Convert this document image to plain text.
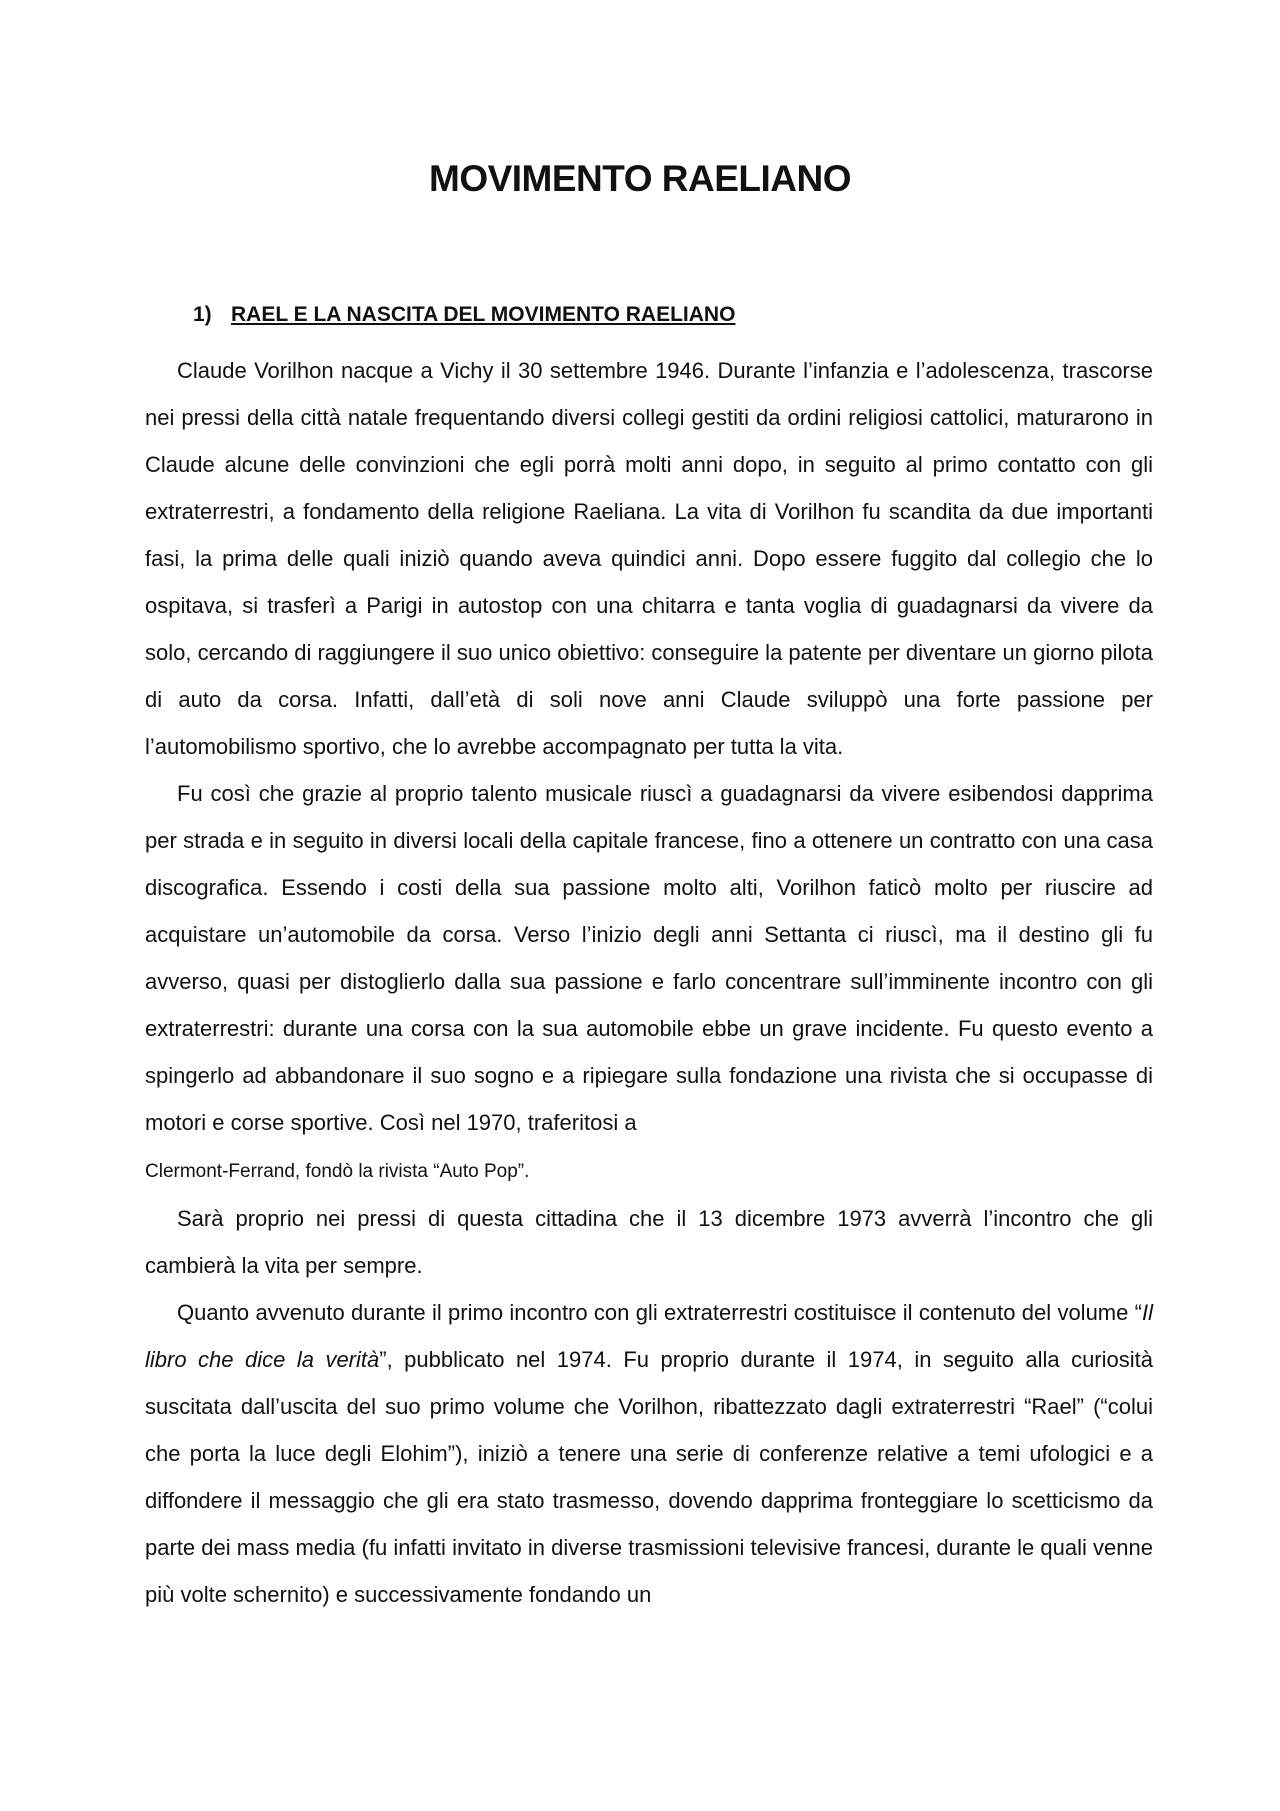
MOVIMENTO RAELIANO
1) RAEL E LA NASCITA DEL MOVIMENTO RAELIANO

Claude Vorilhon nacque a Vichy il 30 settembre 1946. Durante l’infanzia e l’adolescenza, trascorse nei pressi della città natale frequentando diversi collegi gestiti da ordini religiosi cattolici, maturarono in Claude alcune delle convinzioni che egli porrà molti anni dopo, in seguito al primo contatto con gli extraterrestri, a fondamento della religione Raeliana. La vita di Vorilhon fu scandita da due importanti fasi, la prima delle quali iniziò quando aveva quindici anni. Dopo essere fuggito dal collegio che lo ospitava, si trasferì a Parigi in autostop con una chitarra e tanta voglia di guadagnarsi da vivere da solo, cercando di raggiungere il suo unico obiettivo: conseguire la patente per diventare un giorno pilota di auto da corsa. Infatti, dall’età di soli nove anni Claude sviluppò una forte passione per l’automobilismo sportivo, che lo avrebbe accompagnato per tutta la vita.

Fu così che grazie al proprio talento musicale riuscì a guadagnarsi da vivere esibendosi dapprima per strada e in seguito in diversi locali della capitale francese, fino a ottenere un contratto con una casa discografica. Essendo i costi della sua passione molto alti, Vorilhon faticò molto per riuscire ad acquistare un’automobile da corsa. Verso l’inizio degli anni Settanta ci riuscì, ma il destino gli fu avverso, quasi per distoglierlo dalla sua passione e farlo concentrare sull’imminente incontro con gli extraterrestri: durante una corsa con la sua automobile ebbe un grave incidente. Fu questo evento a spingerlo ad abbandonare il suo sogno e a ripiegare sulla fondazione una rivista che si occupasse di motori e corse sportive. Così nel 1970, traferitosi a
Clermont-Ferrand, fondò la rivista “Auto Pop”.

Sarà proprio nei pressi di questa cittadina che il 13 dicembre 1973 avverrà l’incontro che gli cambierà la vita per sempre.

Quanto avvenuto durante il primo incontro con gli extraterrestri costituisce il contenuto del volume “Il libro che dice la verità”, pubblicato nel 1974. Fu proprio durante il 1974, in seguito alla curiosità suscitata dall’uscita del suo primo volume che Vorilhon, ribattezzato dagli extraterrestri “Rael” (“colui che porta la luce degli Elohim”), iniziò a tenere una serie di conferenze relative a temi ufologici e a diffondere il messaggio che gli era stato trasmesso, dovendo dapprima fronteggiare lo scetticismo da parte dei mass media (fu infatti invitato in diverse trasmissioni televisive francesi, durante le quali venne più volte schernito) e successivamente fondando un
